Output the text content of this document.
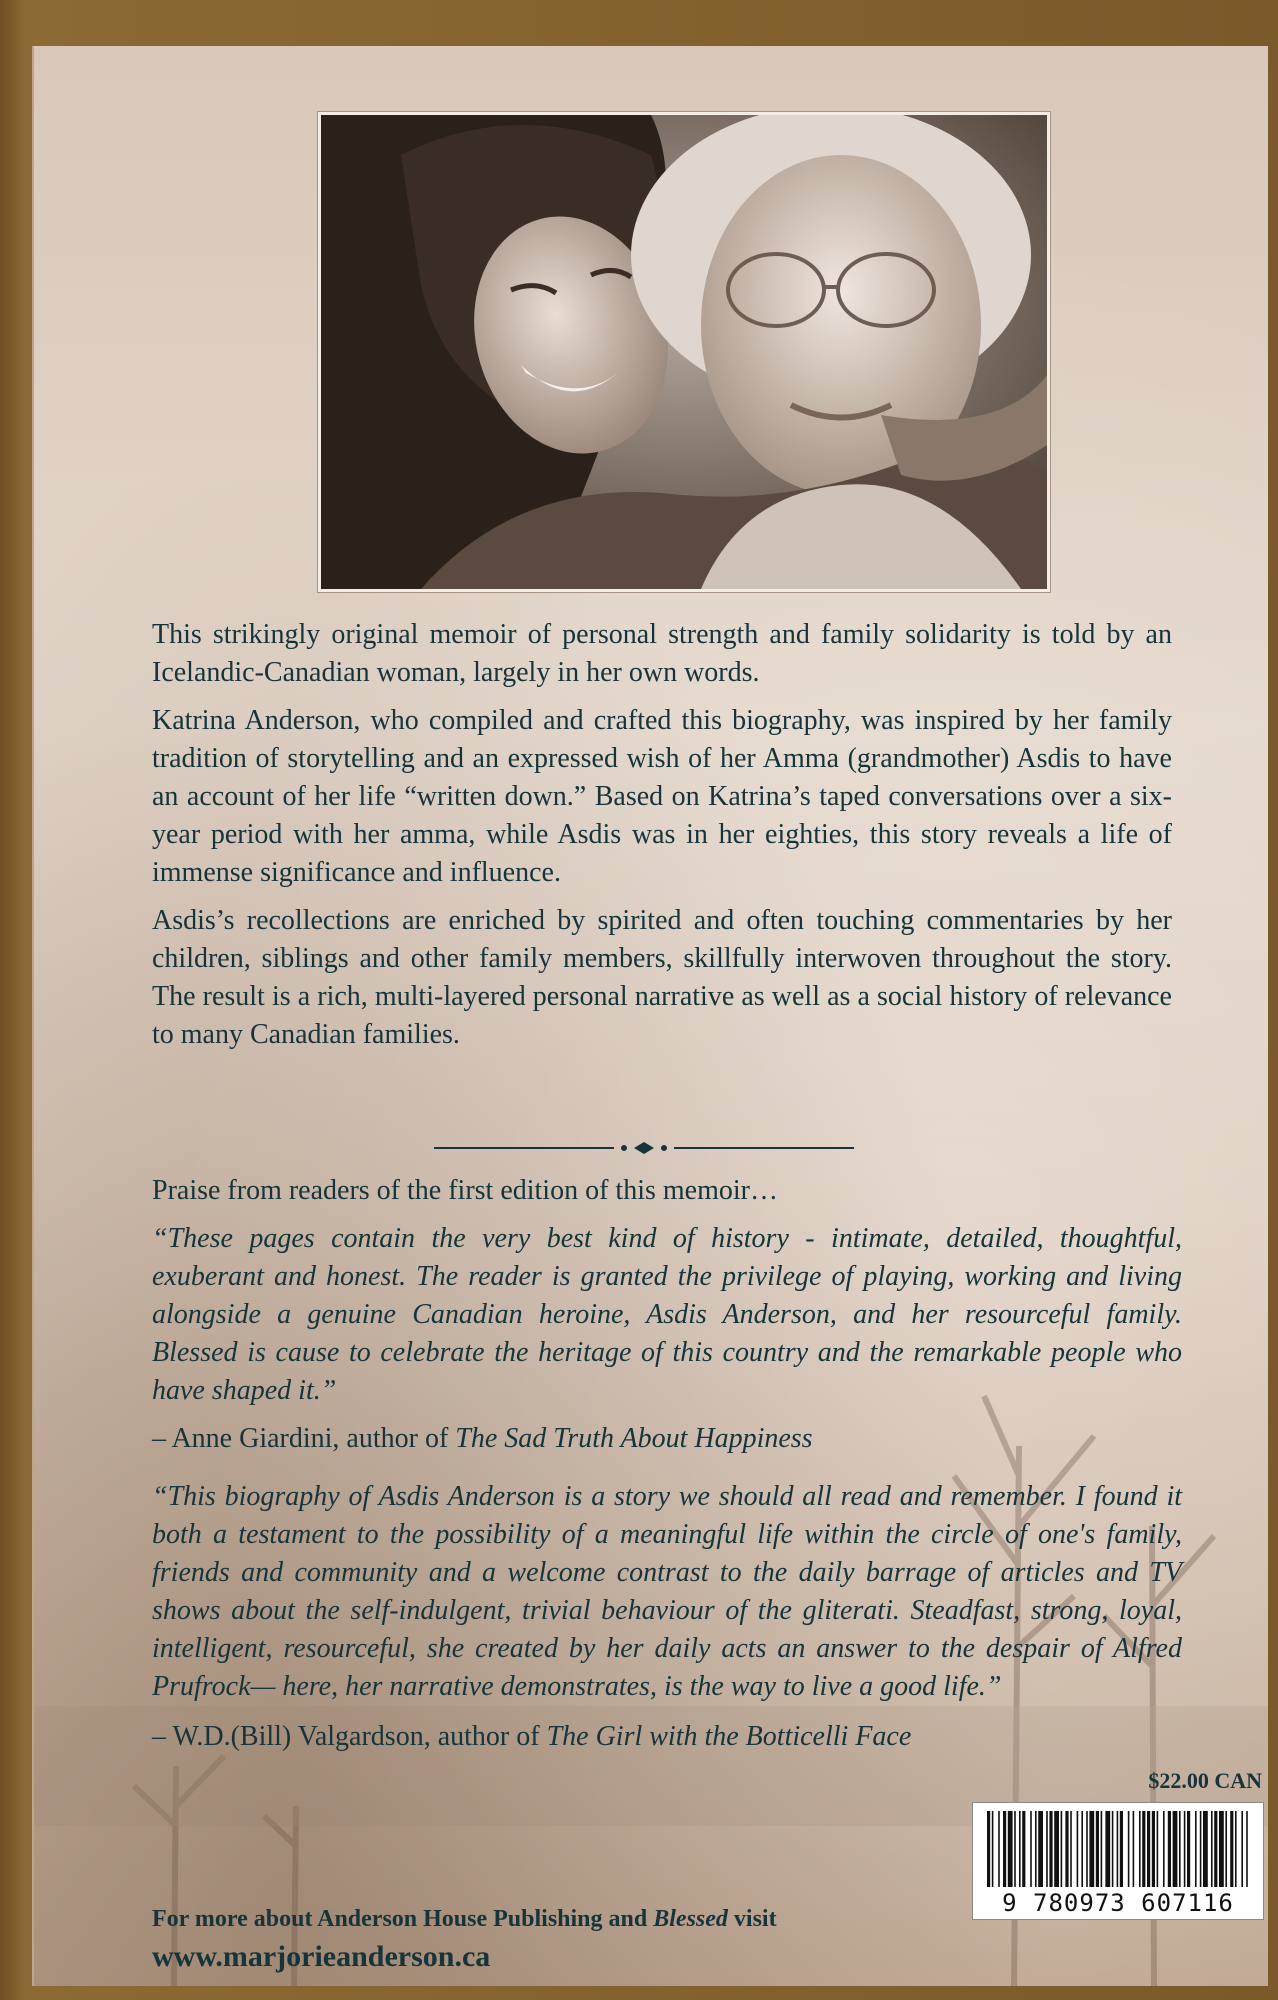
This strikingly original memoir of personal strength and family solidarity is told by an Icelandic-Canadian woman, largely in her own words.

Katrina Anderson, who compiled and crafted this biography, was inspired by her family tradition of storytelling and an expressed wish of her Amma (grandmother) Asdis to have an account of her life “written down.” Based on Katrina’s taped conversations over a six-year period with her amma, while Asdis was in her eighties, this story reveals a life of immense significance and influence.

Asdis’s recollections are enriched by spirited and often touching commentaries by her children, siblings and other family members, skillfully interwoven throughout the story. The result is a rich, multi-layered personal narrative as well as a social history of relevance to many Canadian families.

Praise from readers of the first edition of this memoir…
“These pages contain the very best kind of history - intimate, detailed, thoughtful, exuberant and honest. The reader is granted the privilege of playing, working and living alongside a genuine Canadian heroine, Asdis Anderson, and her resourceful family. Blessed is cause to celebrate the heritage of this country and the remarkable people who have shaped it.”
– Anne Giardini, author of The Sad Truth About Happiness
“This biography of Asdis Anderson is a story we should all read and remember. I found it both a testament to the possibility of a meaningful life within the circle of one's family, friends and community and a welcome contrast to the daily barrage of articles and TV shows about the self-indulgent, trivial behaviour of the gliterati. Steadfast, strong, loyal, intelligent, resourceful, she created by her daily acts an answer to the despair of Alfred Prufrock— here, her narrative demonstrates, is the way to live a good life.”
– W.D.(Bill) Valgardson, author of The Girl with the Botticelli Face
$22.00 CAN
9 780973 607116
For more about Anderson House Publishing and Blessed visit
www.marjorieanderson.ca
